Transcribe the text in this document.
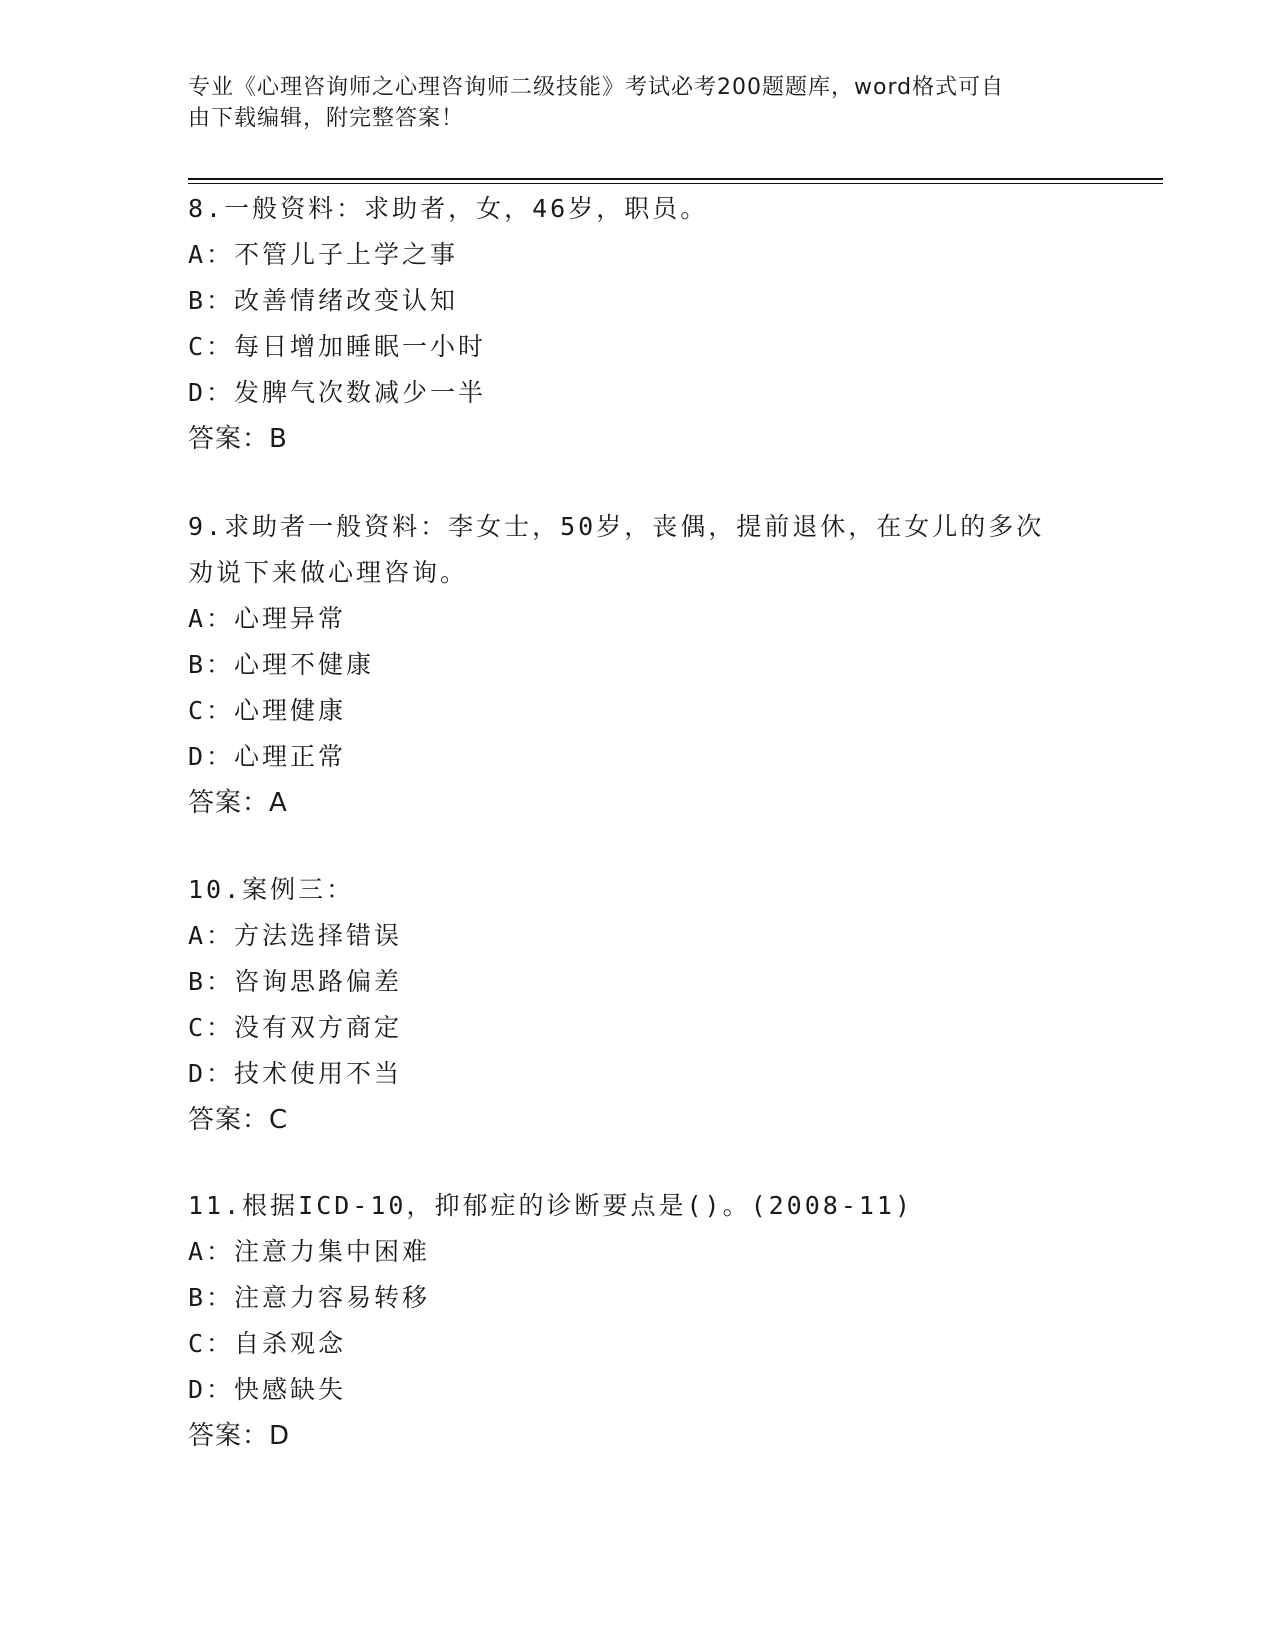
专业《心理咨询师之心理咨询师二级技能》考试必考200题题库，word格式可自
由下载编辑，附完整答案！

8.一般资料：求助者，女，46岁，职员。

A：不管儿子上学之事

B：改善情绪改变认知

C：每日增加睡眠一小时

D：发脾气次数减少一半

答案：B

9.求助者一般资料：李女士，50岁，丧偶，提前退休，在女儿的多次

劝说下来做心理咨询。

A：心理异常

B：心理不健康

C：心理健康

D：心理正常

答案：A

10.案例三：

A：方法选择错误

B：咨询思路偏差

C：没有双方商定

D：技术使用不当

答案：C

11.根据ICD-10，抑郁症的诊断要点是()。(2008-11)

A：注意力集中困难

B：注意力容易转移

C：自杀观念

D：快感缺失

答案：D
